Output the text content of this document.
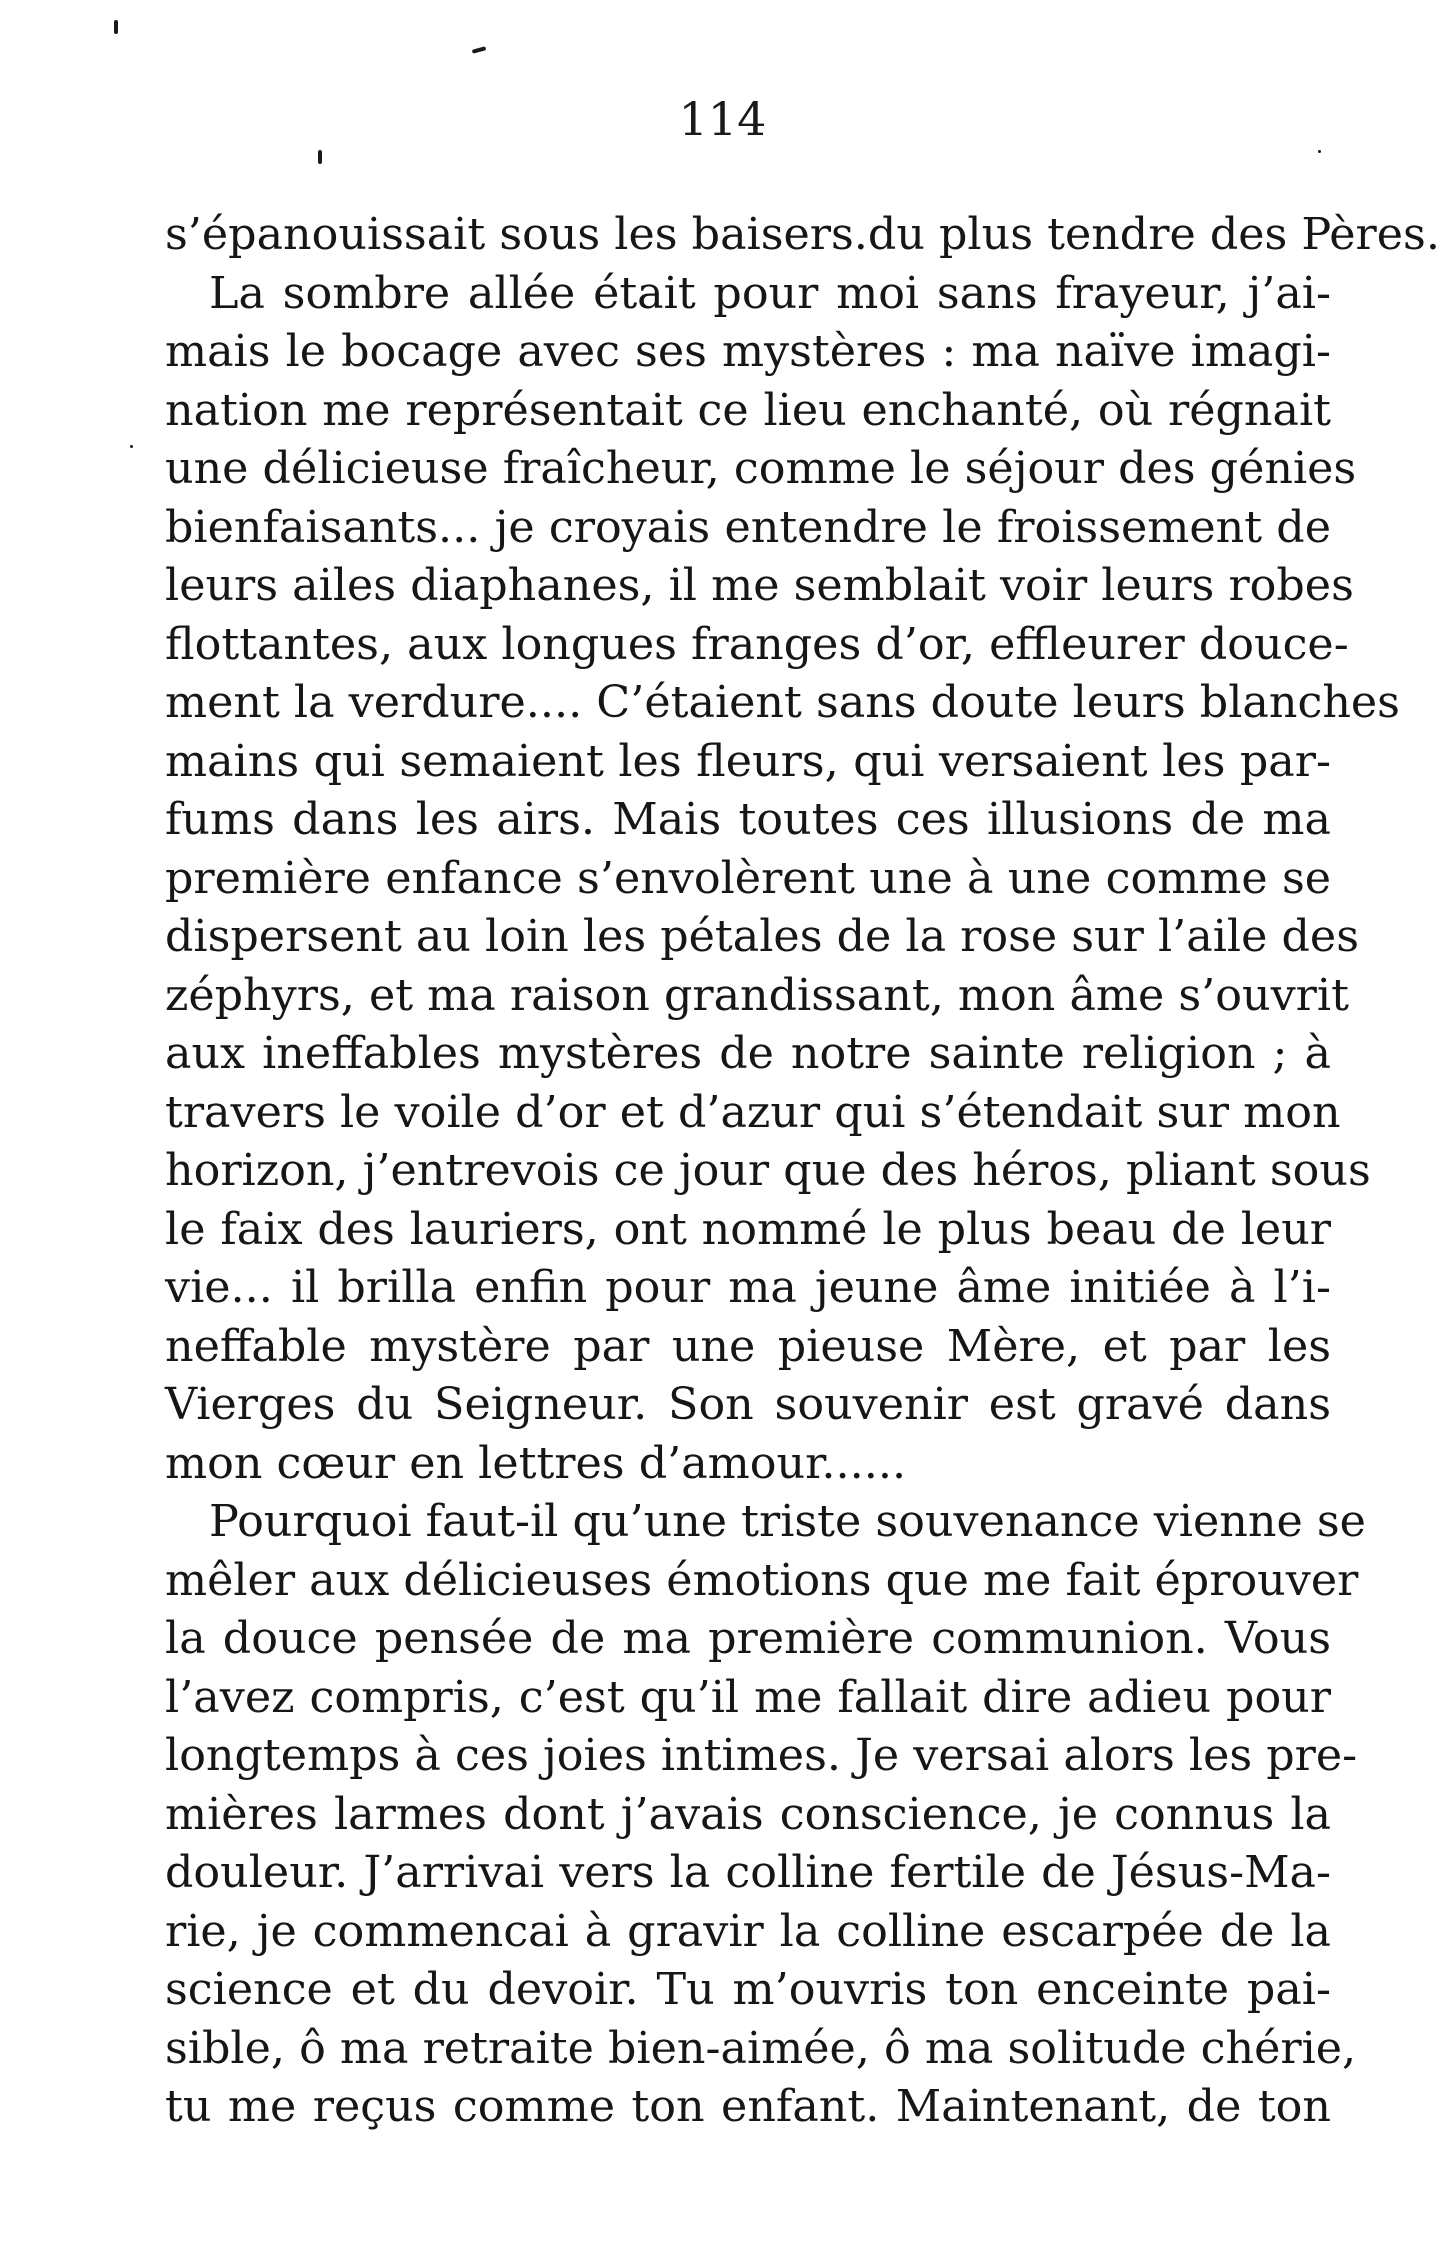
114
s’épanouissait sous les baisers.du plus tendre des Pères.
La sombre allée était pour moi sans frayeur, j’ai-
mais le bocage avec ses mystères : ma naïve imagi-
nation me représentait ce lieu enchanté, où régnait
une délicieuse fraîcheur, comme le séjour des génies
bienfaisants... je croyais entendre le froissement de
leurs ailes diaphanes, il me semblait voir leurs robes
flottantes, aux longues franges d’or, effleurer douce-
ment la verdure.... C’étaient sans doute leurs blanches
mains qui semaient les fleurs, qui versaient les par-
fums dans les airs. Mais toutes ces illusions de ma
première enfance s’envolèrent une à une comme se
dispersent au loin les pétales de la rose sur l’aile des
zéphyrs, et ma raison grandissant, mon âme s’ouvrit
aux ineffables mystères de notre sainte religion ; à
travers le voile d’or et d’azur qui s’étendait sur mon
horizon, j’entrevois ce jour que des héros, pliant sous
le faix des lauriers, ont nommé le plus beau de leur
vie... il brilla enfin pour ma jeune âme initiée à l’i-
neffable mystère par une pieuse Mère, et par les
Vierges du Seigneur. Son souvenir est gravé dans
mon cœur en lettres d’amour......
Pourquoi faut-il qu’une triste souvenance vienne se
mêler aux délicieuses émotions que me fait éprouver
la douce pensée de ma première communion. Vous
l’avez compris, c’est qu’il me fallait dire adieu pour
longtemps à ces joies intimes. Je versai alors les pre-
mières larmes dont j’avais conscience, je connus la
douleur. J’arrivai vers la colline fertile de Jésus-Ma-
rie, je commencai à gravir la colline escarpée de la
science et du devoir. Tu m’ouvris ton enceinte pai-
sible, ô ma retraite bien-aimée, ô ma solitude chérie,
tu me reçus comme ton enfant. Maintenant, de ton
